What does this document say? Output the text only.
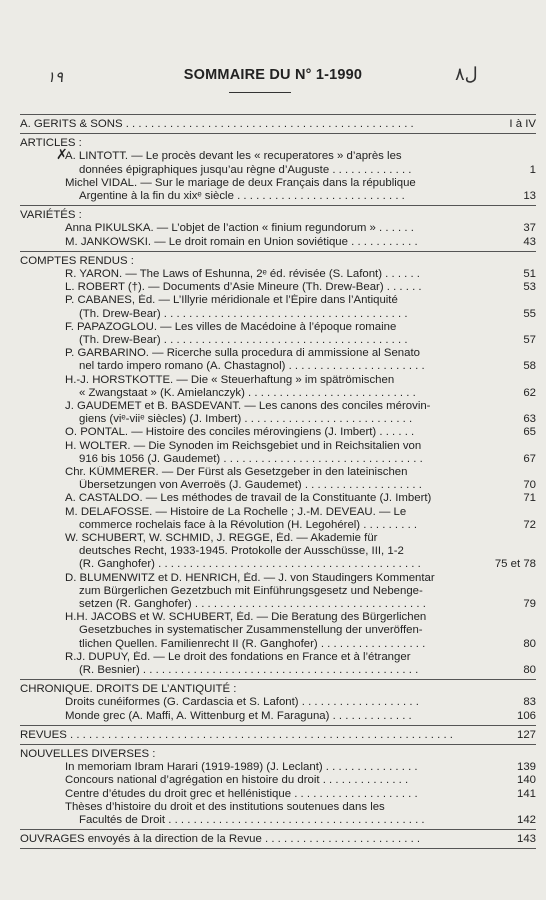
١٩	SOMMAIRE DU N° 1-1990	ل٨
A. GERITS & SONS . . . . . . . . . . . . . . . . . . . . . . . . . . . . . . . . . . . . . . . . . . . . . .	I à IV
ARTICLES :
✗
A. LINTOTT. — Le procès devant les « recuperatores » d’après les
données épigraphiques jusqu’au règne d’Auguste . . . . . . . . . . . . .	1
Michel VIDAL. — Sur le mariage de deux Français dans la république
Argentine à la fin du xixᵉ siècle . . . . . . . . . . . . . . . . . . . . . . . . . . .	13
VARIÉTÉS :
Anna PIKULSKA. — L’objet de l’action « finium regundorum » . . . . . .	37
M. JANKOWSKI. — Le droit romain en Union soviétique . . . . . . . . . . .	43
COMPTES RENDUS :
R. YARON. — The Laws of Eshunna, 2ᵉ éd. révisée (S. Lafont) . . . . . .	51
L. ROBERT (†). — Documents d’Asie Mineure (Th. Drew-Bear) . . . . . .	53
P. CABANES, Éd. — L’Illyrie méridionale et l’Épire dans l’Antiquité
(Th. Drew-Bear) . . . . . . . . . . . . . . . . . . . . . . . . . . . . . . . . . . . . . . .	55
F. PAPAZOGLOU. — Les villes de Macédoine à l’époque romaine
(Th. Drew-Bear) . . . . . . . . . . . . . . . . . . . . . . . . . . . . . . . . . . . . . . .	57
P. GARBARINO. — Ricerche sulla procedura di ammissione al Senato
nel tardo impero romano (A. Chastagnol) . . . . . . . . . . . . . . . . . . . . . .	58
H.-J. HORSTKOTTE. — Die « Steuerhaftung » im spätrömischen
« Zwangstaat » (K. Amielanczyk) . . . . . . . . . . . . . . . . . . . . . . . . . . .	62
J. GAUDEMET et B. BASDEVANT. — Les canons des conciles mérovin-
giens (viᵉ-viiᵉ siècles) (J. Imbert) . . . . . . . . . . . . . . . . . . . . . . . . . . .	63
O. PONTAL. — Histoire des conciles mérovingiens (J. Imbert) . . . . . .	65
H. WOLTER. — Die Synoden im Reichsgebiet und in Reichsitalien von
916 bis 1056 (J. Gaudemet) . . . . . . . . . . . . . . . . . . . . . . . . . . . . . . . .	67
Chr. KÜMMERER. — Der Fürst als Gesetzgeber in den lateinischen
Übersetzungen von Averroës (J. Gaudemet) . . . . . . . . . . . . . . . . . . .	70
A. CASTALDO. — Les méthodes de travail de la Constituante (J. Imbert)	71
M. DELAFOSSE. — Histoire de La Rochelle ; J.-M. DEVEAU. — Le
commerce rochelais face à la Révolution (H. Legohérel) . . . . . . . . .	72
W. SCHUBERT, W. SCHMID, J. REGGE, Éd. — Akademie für
deutsches Recht, 1933-1945. Protokolle der Ausschüsse, III, 1-2
(R. Ganghofer) . . . . . . . . . . . . . . . . . . . . . . . . . . . . . . . . . . . . . . . . . .	75 et 78
D. BLUMENWITZ et D. HENRICH, Éd. — J. von Staudingers Kommentar
zum Bürgerlichen Gezetzbuch mit Einführungsgesetz und Nebenge-
setzen (R. Ganghofer) . . . . . . . . . . . . . . . . . . . . . . . . . . . . . . . . . . . . .	79
H.H. JACOBS et W. SCHUBERT, Éd. — Die Beratung des Bürgerlichen
Gesetzbuches in systematischer Zusammenstellung der unveröffen-
tlichen Quellen. Familienrecht II (R. Ganghofer) . . . . . . . . . . . . . . . . .	80
R.J. DUPUY, Éd. — Le droit des fondations en France et à l’étranger
(R. Besnier) . . . . . . . . . . . . . . . . . . . . . . . . . . . . . . . . . . . . . . . . . . . .	80
CHRONIQUE. DROITS DE L’ANTIQUITÉ :
Droits cunéiformes (G. Cardascia et S. Lafont) . . . . . . . . . . . . . . . . . . .	83
Monde grec (A. Maffi, A. Wittenburg et M. Faraguna) . . . . . . . . . . . . .	106
REVUES . . . . . . . . . . . . . . . . . . . . . . . . . . . . . . . . . . . . . . . . . . . . . . . . . . . . . . . . . . . . .	127
NOUVELLES DIVERSES :
In memoriam Ibram Harari (1919-1989) (J. Leclant) . . . . . . . . . . . . . . .	139
Concours national d’agrégation en histoire du droit . . . . . . . . . . . . . .	140
Centre d’études du droit grec et hellénistique . . . . . . . . . . . . . . . . . . . .	141
Thèses d’histoire du droit et des institutions soutenues dans les
Facultés de Droit . . . . . . . . . . . . . . . . . . . . . . . . . . . . . . . . . . . . . . . . .	142
OUVRAGES envoyés à la direction de la Revue . . . . . . . . . . . . . . . . . . . . . . . . .	143
